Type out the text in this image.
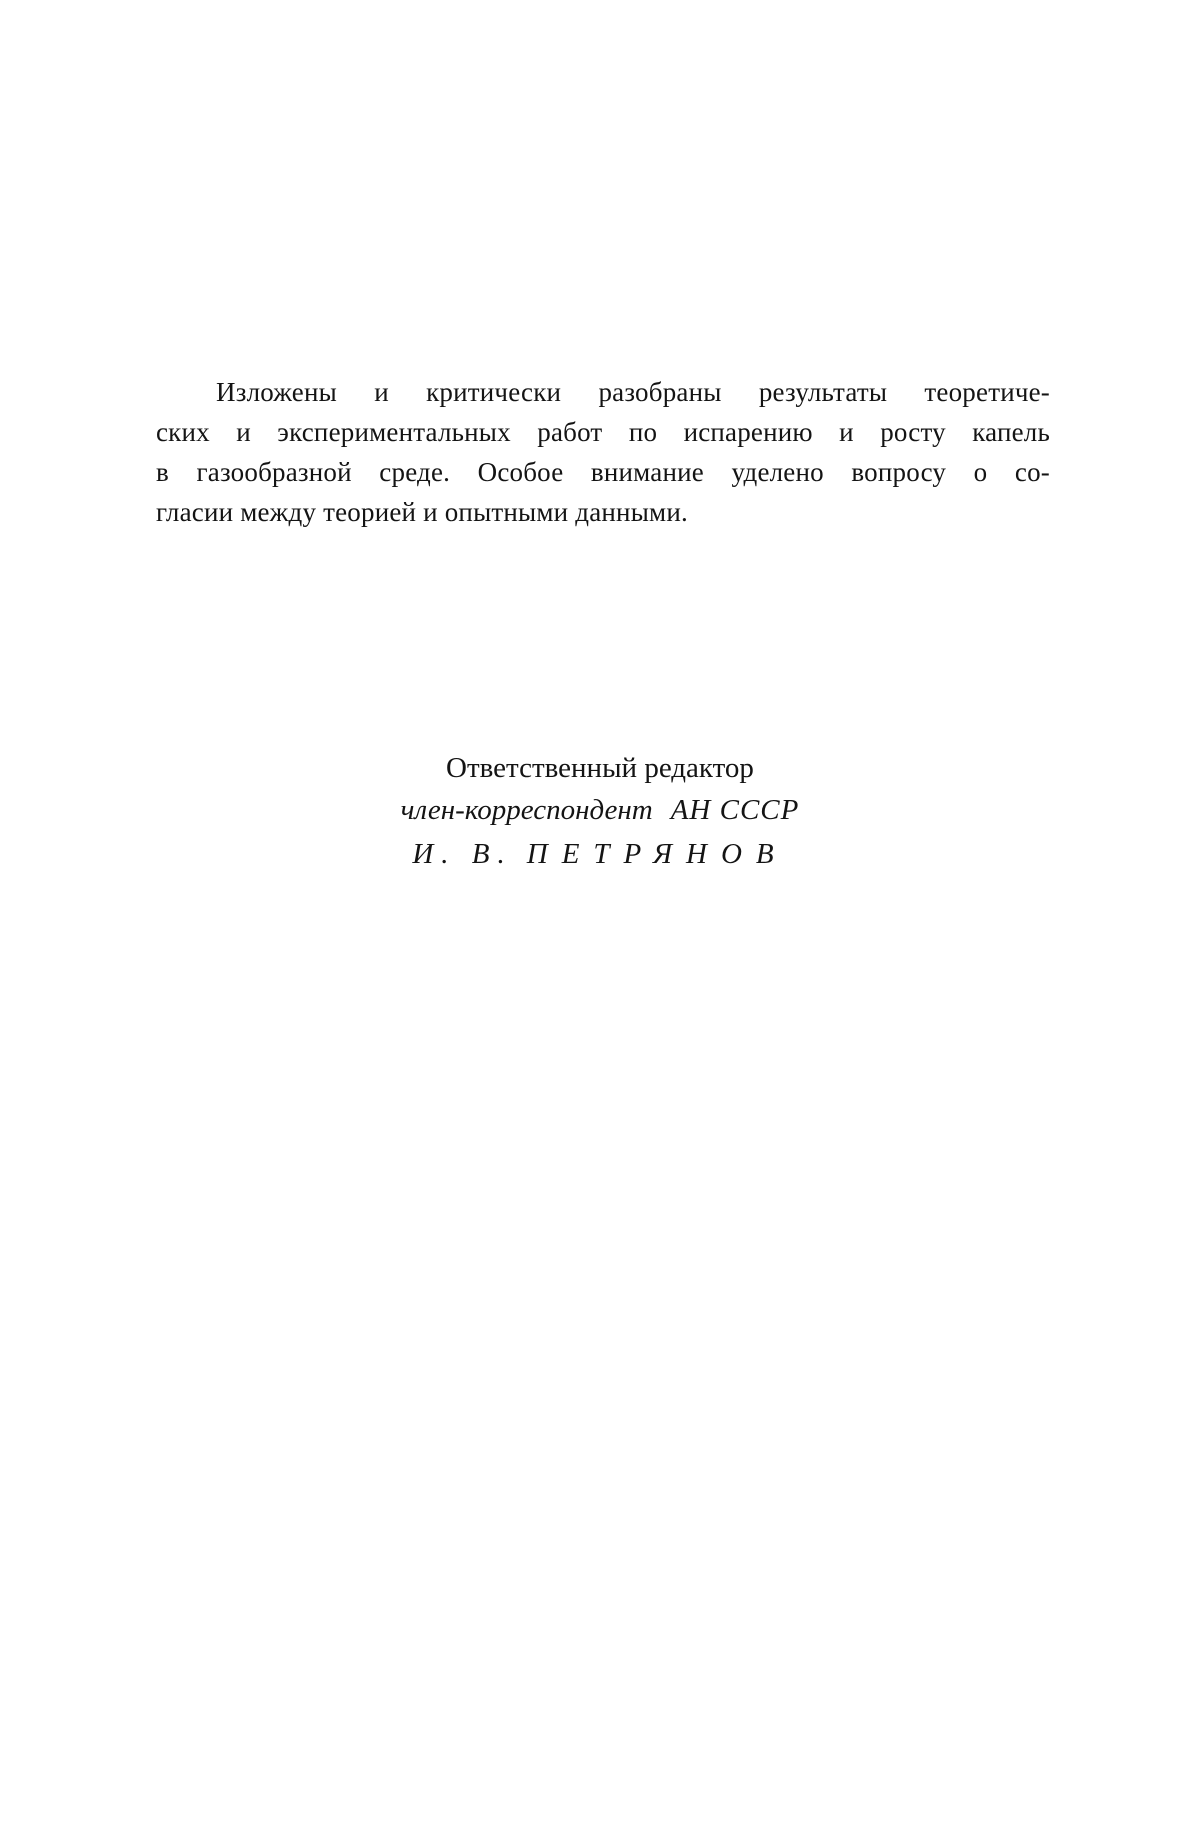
Изложены и критически разобраны результаты теоретиче-
ских и экспериментальных работ по испарению и росту капель
в газообразной среде. Особое внимание уделено вопросу о со-
гласии между теорией и опытными данными.
Ответственный редактор
член-корреспондент АН СССР
И. В. ПЕТРЯНОВ
